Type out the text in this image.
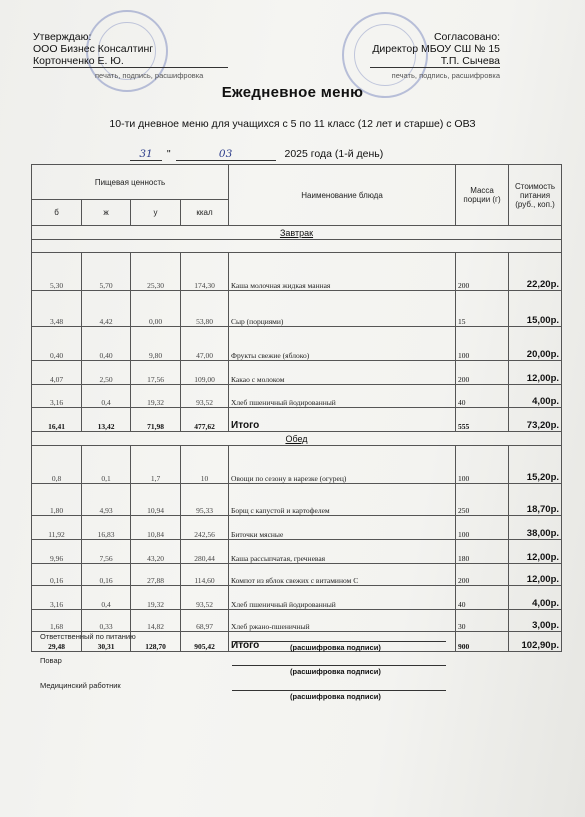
Утверждаю:
ООО Бизнес Консалтинг
Кортонченко Е. Ю.
печать, подпись, расшифровка
Согласовано:
Директор МБОУ СШ № 15
Т.П. Сычева
печать, подпись, расшифровка
Ежедневное меню
10-ти дневное меню для учащихся с 5 по 11 класс (12 лет и старше) с ОВЗ
31 "	03	2025 года (1-й день)
Пищевая ценность				Наименование блюда	Масса порции (г)	Стоимость питания (руб., коп.)
б	ж	у	ккал			
Завтрак						

5,30	5,70	25,30	174,30	Каша молочная жидкая манная	200	22,20р.
3,48	4,42	0,00	53,80	Сыр (порциями)	15	15,00р.
0,40	0,40	9,80	47,00	Фрукты свежие (яблоко)	100	20,00р.
4,07	2,50	17,56	109,00	Какао с молоком	200	12,00р.
3,16	0,4	19,32	93,52	Хлеб пшеничный йодированный	40	4,00р.
16,41	13,42	71,98	477,62	Итого	555	73,20р.
Обед						
0,8	0,1	1,7	10	Овощи по сезону в нарезке (огурец)	100	15,20р.
1,80	4,93	10,94	95,33	Борщ с капустой и картофелем	250	18,70р.
11,92	16,83	10,84	242,56	Биточки мясные	100	38,00р.
9,96	7,56	43,20	280,44	Каша рассыпчатая, гречневая	180	12,00р.
0,16	0,16	27,88	114,60	Компот из яблок свежих с витамином С	200	12,00р.
3,16	0,4	19,32	93,52	Хлеб пшеничный йодированный	40	4,00р.
1,68	0,33	14,82	68,97	Хлеб ржано-пшеничный	30	3,00р.
29,48	30,31	128,70	905,42	Итого	900	102,90р.
Ответственный по питанию
(расшифровка подписи)
Повар
(расшифровка подписи)
Медицинский работник
(расшифровка подписи)
